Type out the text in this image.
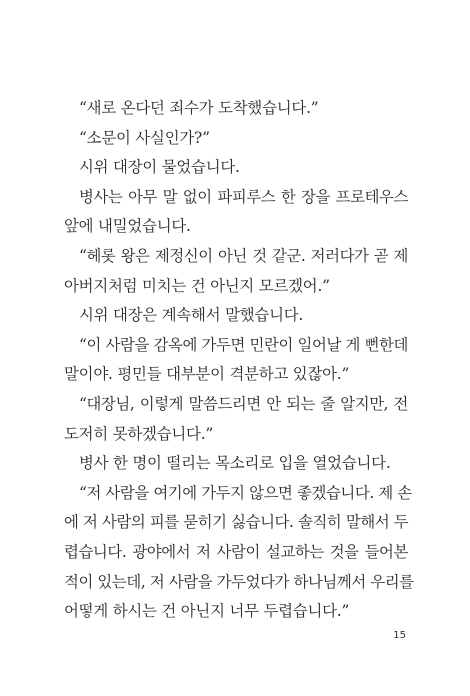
“새로 온다던 죄수가 도착했습니다.”
“소문이 사실인가?”
시위 대장이 물었습니다.
병사는 아무 말 없이 파피루스 한 장을 프로테우스
앞에 내밀었습니다.
“헤롯 왕은 제정신이 아닌 것 같군. 저러다가 곧 제
아버지처럼 미치는 건 아닌지 모르겠어.”
시위 대장은 계속해서 말했습니다.
“이 사람을 감옥에 가두면 민란이 일어날 게 뻔한데
말이야. 평민들 대부분이 격분하고 있잖아.”
“대장님, 이렇게 말씀드리면 안 되는 줄 알지만, 전
도저히 못하겠습니다.”
병사 한 명이 떨리는 목소리로 입을 열었습니다.
“저 사람을 여기에 가두지 않으면 좋겠습니다. 제 손
에 저 사람의 피를 묻히기 싫습니다. 솔직히 말해서 두
렵습니다. 광야에서 저 사람이 설교하는 것을 들어본
적이 있는데, 저 사람을 가두었다가 하나님께서 우리를
어떻게 하시는 건 아닌지 너무 두렵습니다.”
15
